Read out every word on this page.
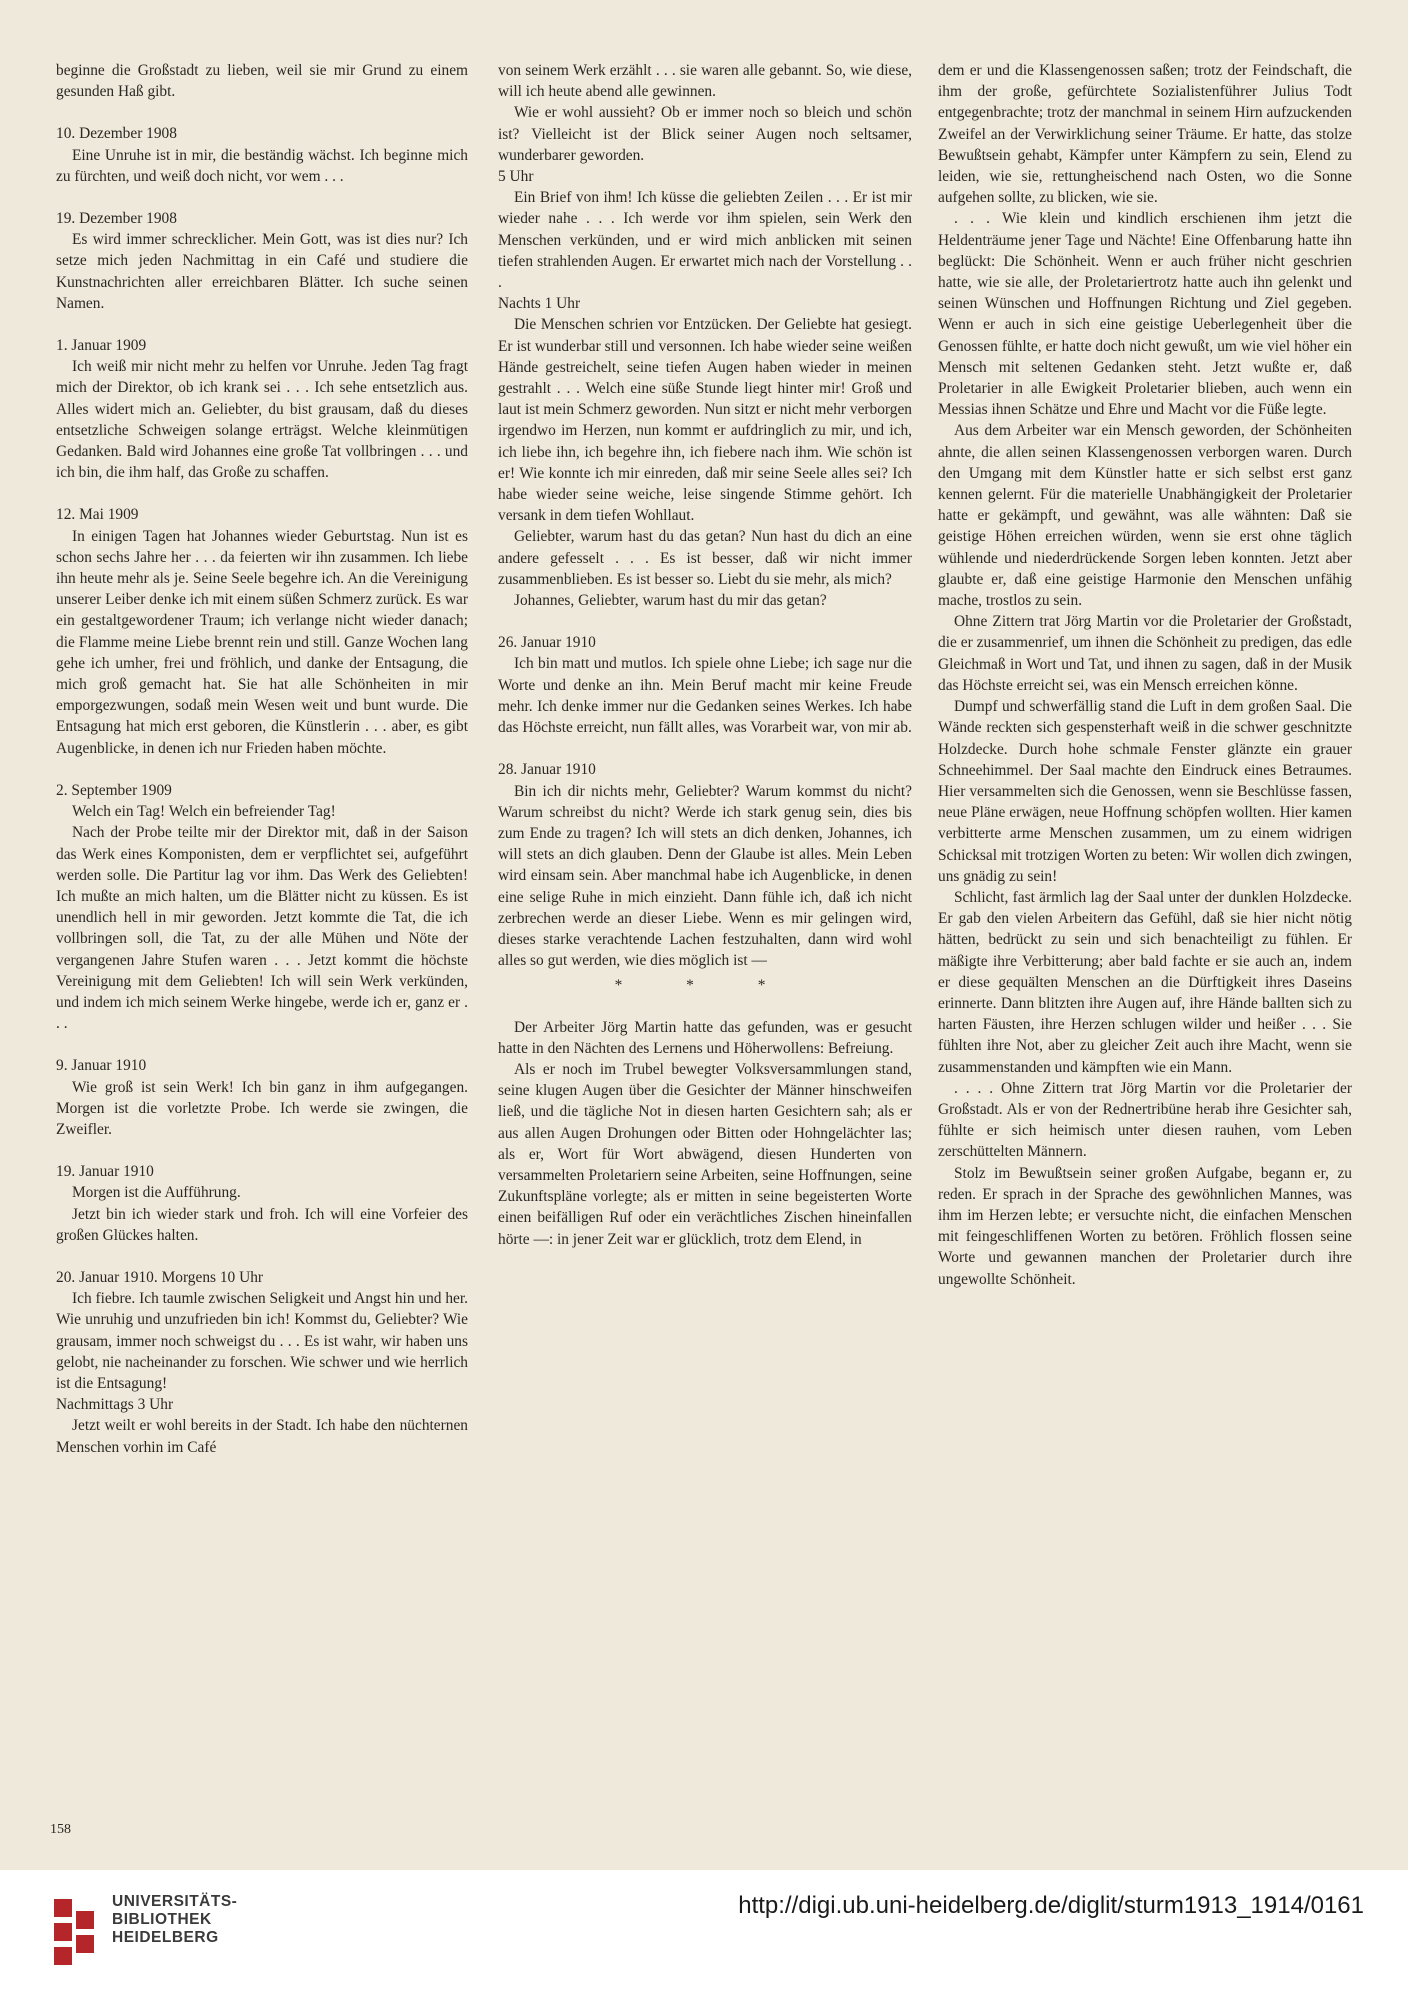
beginne die Großstadt zu lieben, weil sie mir Grund zu einem gesunden Haß gibt.

10. Dezember 1908

Eine Unruhe ist in mir, die beständig wächst. Ich beginne mich zu fürchten, und weiß doch nicht, vor wem . . .

19. Dezember 1908

Es wird immer schrecklicher. Mein Gott, was ist dies nur? Ich setze mich jeden Nachmittag in ein Café und studiere die Kunstnachrichten aller erreichbaren Blätter. Ich suche seinen Namen.

1. Januar 1909

Ich weiß mir nicht mehr zu helfen vor Unruhe. Jeden Tag fragt mich der Direktor, ob ich krank sei . . . Ich sehe entsetzlich aus. Alles widert mich an. Geliebter, du bist grausam, daß du dieses entsetzliche Schweigen solange erträgst. Welche kleinmütigen Gedanken. Bald wird Johannes eine große Tat vollbringen . . . und ich bin, die ihm half, das Große zu schaffen.

12. Mai 1909

In einigen Tagen hat Johannes wieder Geburtstag. Nun ist es schon sechs Jahre her . . . da feierten wir ihn zusammen. Ich liebe ihn heute mehr als je. Seine Seele begehre ich. An die Vereinigung unserer Leiber denke ich mit einem süßen Schmerz zurück. Es war ein gestaltgewordener Traum; ich verlange nicht wieder danach; die Flamme meine Liebe brennt rein und still. Ganze Wochen lang gehe ich umher, frei und fröhlich, und danke der Entsagung, die mich groß gemacht hat. Sie hat alle Schönheiten in mir emporgezwungen, sodaß mein Wesen weit und bunt wurde. Die Entsagung hat mich erst geboren, die Künstlerin . . . aber, es gibt Augenblicke, in denen ich nur Frieden haben möchte.

2. September 1909

Welch ein Tag! Welch ein befreiender Tag!

Nach der Probe teilte mir der Direktor mit, daß in der Saison das Werk eines Komponisten, dem er verpflichtet sei, aufgeführt werden solle. Die Partitur lag vor ihm. Das Werk des Geliebten! Ich mußte an mich halten, um die Blätter nicht zu küssen. Es ist unendlich hell in mir geworden. Jetzt kommte die Tat, die ich vollbringen soll, die Tat, zu der alle Mühen und Nöte der vergangenen Jahre Stufen waren . . . Jetzt kommt die höchste Vereinigung mit dem Geliebten! Ich will sein Werk verkünden, und indem ich mich seinem Werke hingebe, werde ich er, ganz er . . .

9. Januar 1910

Wie groß ist sein Werk! Ich bin ganz in ihm aufgegangen. Morgen ist die vorletzte Probe. Ich werde sie zwingen, die Zweifler.

19. Januar 1910

Morgen ist die Aufführung.

Jetzt bin ich wieder stark und froh. Ich will eine Vorfeier des großen Glückes halten.

20. Januar 1910. Morgens 10 Uhr

Ich fiebre. Ich taumle zwischen Seligkeit und Angst hin und her. Wie unruhig und unzufrieden bin ich! Kommst du, Geliebter? Wie grausam, immer noch schweigst du . . . Es ist wahr, wir haben uns gelobt, nie nacheinander zu forschen. Wie schwer und wie herrlich ist die Entsagung!

Nachmittags 3 Uhr

Jetzt weilt er wohl bereits in der Stadt. Ich habe den nüchternen Menschen vorhin im Café

von seinem Werk erzählt . . . sie waren alle gebannt. So, wie diese, will ich heute abend alle gewinnen.

Wie er wohl aussieht? Ob er immer noch so bleich und schön ist? Vielleicht ist der Blick seiner Augen noch seltsamer, wunderbarer geworden.

5 Uhr

Ein Brief von ihm! Ich küsse die geliebten Zeilen . . . Er ist mir wieder nahe . . . Ich werde vor ihm spielen, sein Werk den Menschen verkünden, und er wird mich anblicken mit seinen tiefen strahlenden Augen. Er erwartet mich nach der Vorstellung . . .

Nachts 1 Uhr

Die Menschen schrien vor Entzücken. Der Geliebte hat gesiegt. Er ist wunderbar still und versonnen. Ich habe wieder seine weißen Hände gestreichelt, seine tiefen Augen haben wieder in meinen gestrahlt . . . Welch eine süße Stunde liegt hinter mir! Groß und laut ist mein Schmerz geworden. Nun sitzt er nicht mehr verborgen irgendwo im Herzen, nun kommt er aufdringlich zu mir, und ich, ich liebe ihn, ich begehre ihn, ich fiebere nach ihm. Wie schön ist er! Wie konnte ich mir einreden, daß mir seine Seele alles sei? Ich habe wieder seine weiche, leise singende Stimme gehört. Ich versank in dem tiefen Wohllaut.

Geliebter, warum hast du das getan? Nun hast du dich an eine andere gefesselt . . . Es ist besser, daß wir nicht immer zusammenblieben. Es ist besser so. Liebt du sie mehr, als mich?

Johannes, Geliebter, warum hast du mir das getan?

26. Januar 1910

Ich bin matt und mutlos. Ich spiele ohne Liebe; ich sage nur die Worte und denke an ihn. Mein Beruf macht mir keine Freude mehr. Ich denke immer nur die Gedanken seines Werkes. Ich habe das Höchste erreicht, nun fällt alles, was Vorarbeit war, von mir ab.

28. Januar 1910

Bin ich dir nichts mehr, Geliebter? Warum kommst du nicht? Warum schreibst du nicht? Werde ich stark genug sein, dies bis zum Ende zu tragen? Ich will stets an dich denken, Johannes, ich will stets an dich glauben. Denn der Glaube ist alles. Mein Leben wird einsam sein. Aber manchmal habe ich Augenblicke, in denen eine selige Ruhe in mich einzieht. Dann fühle ich, daß ich nicht zerbrechen werde an dieser Liebe. Wenn es mir gelingen wird, dieses starke verachtende Lachen festzuhalten, dann wird wohl alles so gut werden, wie dies möglich ist —

* * *

Der Arbeiter Jörg Martin hatte das gefunden, was er gesucht hatte in den Nächten des Lernens und Höherwollens: Befreiung.

Als er noch im Trubel bewegter Volksversammlungen stand, seine klugen Augen über die Gesichter der Männer hinschweifen ließ, und die tägliche Not in diesen harten Gesichtern sah; als er aus allen Augen Drohungen oder Bitten oder Hohngelächter las; als er, Wort für Wort abwägend, diesen Hunderten von versammelten Proletariern seine Arbeiten, seine Hoffnungen, seine Zukunftspläne vorlegte; als er mitten in seine begeisterten Worte einen beifälligen Ruf oder ein verächtliches Zischen hineinfallen hörte —: in jener Zeit war er glücklich, trotz dem Elend, in

dem er und die Klassengenossen saßen; trotz der Feindschaft, die ihm der große, gefürchtete Sozialistenführer Julius Todt entgegenbrachte; trotz der manchmal in seinem Hirn aufzuckenden Zweifel an der Verwirklichung seiner Träume. Er hatte, das stolze Bewußtsein gehabt, Kämpfer unter Kämpfern zu sein, Elend zu leiden, wie sie, rettungheischend nach Osten, wo die Sonne aufgehen sollte, zu blicken, wie sie.

. . . Wie klein und kindlich erschienen ihm jetzt die Heldenträume jener Tage und Nächte! Eine Offenbarung hatte ihn beglückt: Die Schönheit. Wenn er auch früher nicht geschrien hatte, wie sie alle, der Proletariertrotz hatte auch ihn gelenkt und seinen Wünschen und Hoffnungen Richtung und Ziel gegeben. Wenn er auch in sich eine geistige Ueberlegenheit über die Genossen fühlte, er hatte doch nicht gewußt, um wie viel höher ein Mensch mit seltenen Gedanken steht. Jetzt wußte er, daß Proletarier in alle Ewigkeit Proletarier blieben, auch wenn ein Messias ihnen Schätze und Ehre und Macht vor die Füße legte.

Aus dem Arbeiter war ein Mensch geworden, der Schönheiten ahnte, die allen seinen Klassengenossen verborgen waren. Durch den Umgang mit dem Künstler hatte er sich selbst erst ganz kennen gelernt. Für die materielle Unabhängigkeit der Proletarier hatte er gekämpft, und gewähnt, was alle wähnten: Daß sie geistige Höhen erreichen würden, wenn sie erst ohne täglich wühlende und niederdrückende Sorgen leben konnten. Jetzt aber glaubte er, daß eine geistige Harmonie den Menschen unfähig mache, trostlos zu sein.

Ohne Zittern trat Jörg Martin vor die Proletarier der Großstadt, die er zusammenrief, um ihnen die Schönheit zu predigen, das edle Gleichmaß in Wort und Tat, und ihnen zu sagen, daß in der Musik das Höchste erreicht sei, was ein Mensch erreichen könne.

Dumpf und schwerfällig stand die Luft in dem großen Saal. Die Wände reckten sich gespensterhaft weiß in die schwer geschnitzte Holzdecke. Durch hohe schmale Fenster glänzte ein grauer Schneehimmel. Der Saal machte den Eindruck eines Betraumes. Hier versammelten sich die Genossen, wenn sie Beschlüsse fassen, neue Pläne erwägen, neue Hoffnung schöpfen wollten. Hier kamen verbitterte arme Menschen zusammen, um zu einem widrigen Schicksal mit trotzigen Worten zu beten: Wir wollen dich zwingen, uns gnädig zu sein!

Schlicht, fast ärmlich lag der Saal unter der dunklen Holzdecke. Er gab den vielen Arbeitern das Gefühl, daß sie hier nicht nötig hätten, bedrückt zu sein und sich benachteiligt zu fühlen. Er mäßigte ihre Verbitterung; aber bald fachte er sie auch an, indem er diese gequälten Menschen an die Dürftigkeit ihres Daseins erinnerte. Dann blitzten ihre Augen auf, ihre Hände ballten sich zu harten Fäusten, ihre Herzen schlugen wilder und heißer . . . Sie fühlten ihre Not, aber zu gleicher Zeit auch ihre Macht, wenn sie zusammenstanden und kämpften wie ein Mann.

. . . . Ohne Zittern trat Jörg Martin vor die Proletarier der Großstadt. Als er von der Rednertribüne herab ihre Gesichter sah, fühlte er sich heimisch unter diesen rauhen, vom Leben zerschüttelten Männern.

Stolz im Bewußtsein seiner großen Aufgabe, begann er, zu reden. Er sprach in der Sprache des gewöhnlichen Mannes, was ihm im Herzen lebte; er versuchte nicht, die einfachen Menschen mit feingeschliffenen Worten zu betören. Fröhlich flossen seine Worte und gewannen manchen der Proletarier durch ihre ungewollte Schönheit.

158
UNIVERSITÄTS-
BIBLIOTHEK
HEIDELBERG
http://digi.ub.uni-heidelberg.de/diglit/sturm1913_1914/0161
